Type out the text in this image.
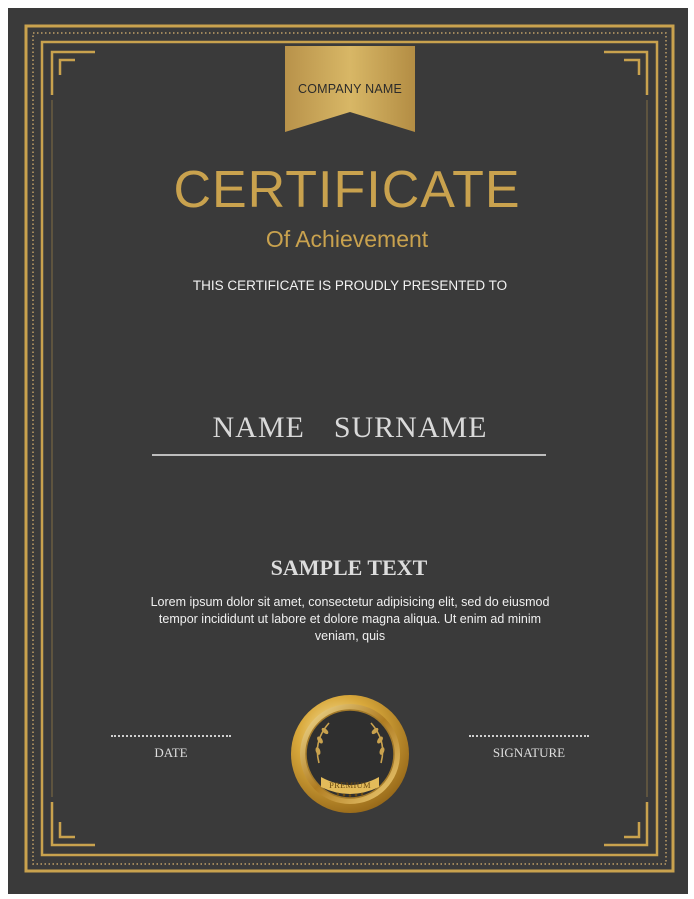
COMPANY NAME
CERTIFICATE
Of Achievement
THIS CERTIFICATE IS PROUDLY PRESENTED TO
NAME  SURNAME
SAMPLE TEXT
Lorem ipsum dolor sit amet, consectetur adipisicing elit, sed do eiusmod tempor incididunt ut labore et dolore magna aliqua. Ut enim ad minim veniam, quis
DATE	SIGNATURE
PREMIUM
